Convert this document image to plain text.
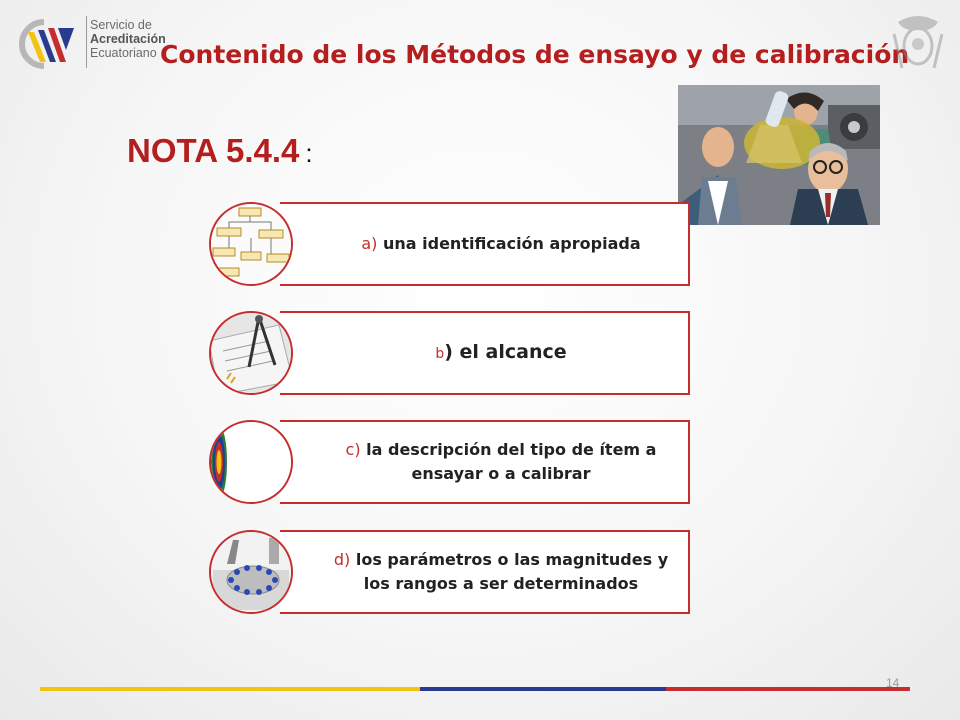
Servicio de
Acreditación
Ecuatoriano Contenido de los Métodos de ensayo y de calibración
NOTA 5.4.4 :
a) una identificación apropiada
b) el alcance
c) la descripción del tipo de ítem a ensayar o a calibrar
d) los parámetros o las magnitudes y los rangos a ser determinados
14
